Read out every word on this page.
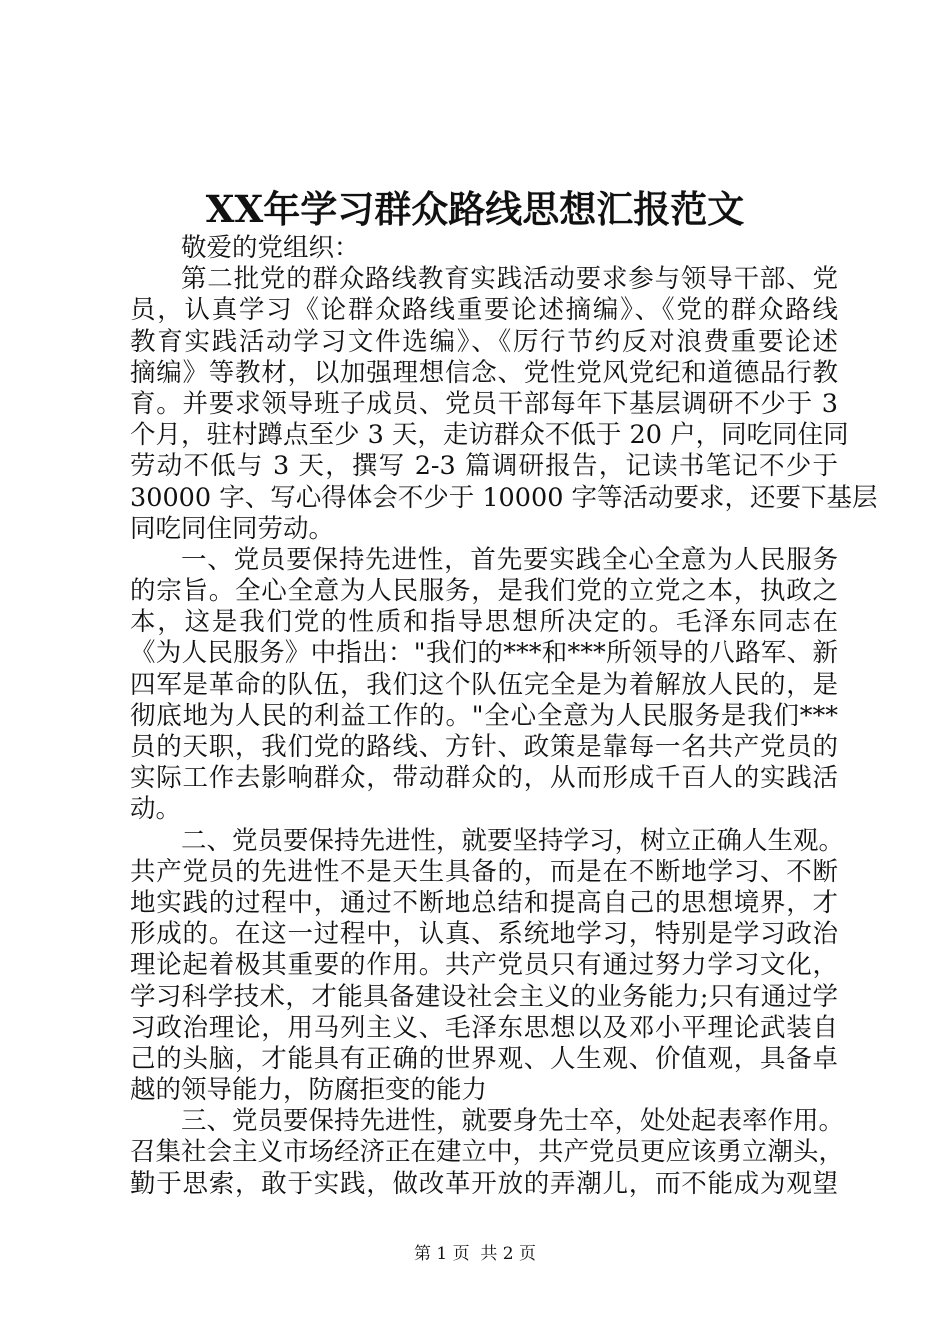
XX年学习群众路线思想汇报范文
敬爱的党组织：
第二批党的群众路线教育实践活动要求参与领导干部、党
员，认真学习《论群众路线重要论述摘编》、《党的群众路线
教育实践活动学习文件选编》、《厉行节约反对浪费重要论述
摘编》等教材，以加强理想信念、党性党风党纪和道德品行教
育。并要求领导班子成员、党员干部每年下基层调研不少于 3
个月，驻村蹲点至少 3 天，走访群众不低于 20 户，同吃同住同
劳动不低与 3 天，撰写 2-3 篇调研报告，记读书笔记不少于
30000 字、写心得体会不少于 10000 字等活动要求，还要下基层
同吃同住同劳动。
一、党员要保持先进性，首先要实践全心全意为人民服务
的宗旨。全心全意为人民服务，是我们党的立党之本，执政之
本，这是我们党的性质和指导思想所决定的。毛泽东同志在
《为人民服务》中指出："我们的***和***所领导的八路军、新
四军是革命的队伍，我们这个队伍完全是为着解放人民的，是
彻底地为人民的利益工作的。"全心全意为人民服务是我们***
员的天职，我们党的路线、方针、政策是靠每一名共产党员的
实际工作去影响群众，带动群众的，从而形成千百人的实践活
动。
二、党员要保持先进性，就要坚持学习，树立正确人生观。
共产党员的先进性不是天生具备的，而是在不断地学习、不断
地实践的过程中，通过不断地总结和提高自己的思想境界，才
形成的。在这一过程中，认真、系统地学习，特别是学习政治
理论起着极其重要的作用。共产党员只有通过努力学习文化，
学习科学技术，才能具备建设社会主义的业务能力;只有通过学
习政治理论，用马列主义、毛泽东思想以及邓小平理论武装自
己的头脑，才能具有正确的世界观、人生观、价值观，具备卓
越的领导能力，防腐拒变的能力
三、党员要保持先进性，就要身先士卒，处处起表率作用。
召集社会主义市场经济正在建立中，共产党员更应该勇立潮头，
勤于思索，敢于实践，做改革开放的弄潮儿，而不能成为观望
第 1 页  共 2 页
